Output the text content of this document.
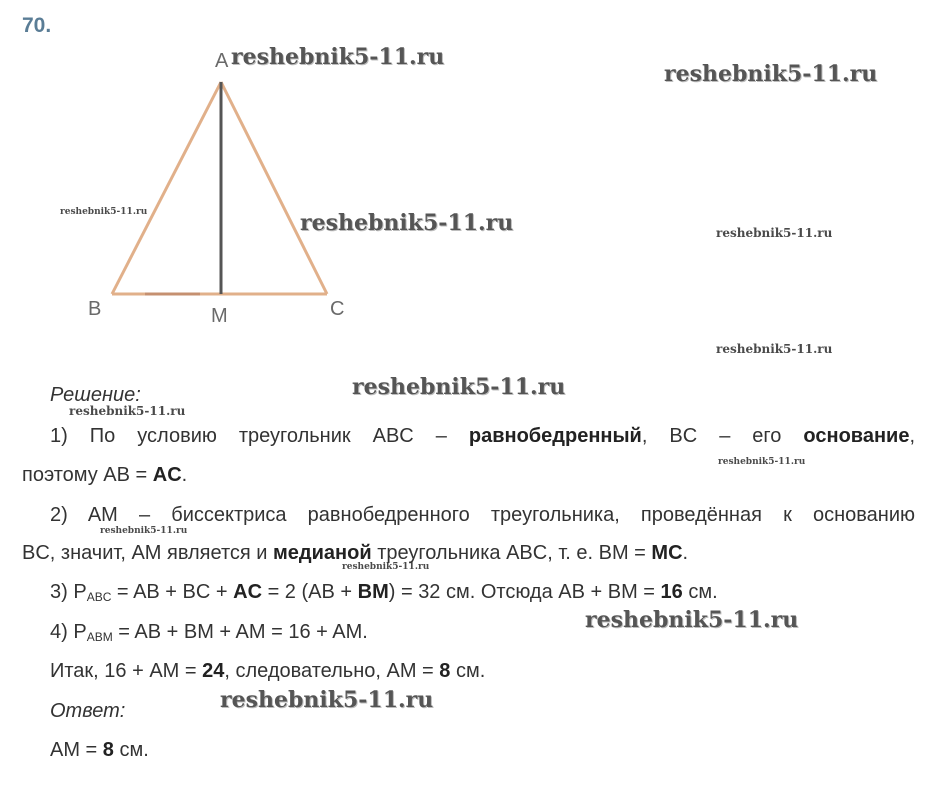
70.
A
B	M	C
reshebnik5-11.ru
reshebnik5-11.ru
reshebnik5-11.ru	reshebnik5-11.ru	reshebnik5-11.ru
reshebnik5-11.ru
reshebnik5-11.ru
reshebnik5-11.ru
reshebnik5-11.ru
reshebnik5-11.ru
reshebnik5-11.ru
reshebnik5-11.ru
reshebnik5-11.ru
Решение:
1) По условию треугольник ABC – равнобедренный, BC – его основание,
поэтому AB = AC.
2) AM – биссектриса равнобедренного треугольника, проведённая к основанию
BC, значит, AM является и медианой треугольника ABC, т. е. BM = MC.
3) $P_{ABC}$ = AB + BC + AC = 2 (AB + BM) = 32 см. Отсюда AB + BM = 16 см.
4) $P_{ABM}$ = AB + BM + AM = 16 + AM.
Итак, 16 + AM = 24, следовательно, AM = 8 см.
Ответ:
AM = 8 см.
